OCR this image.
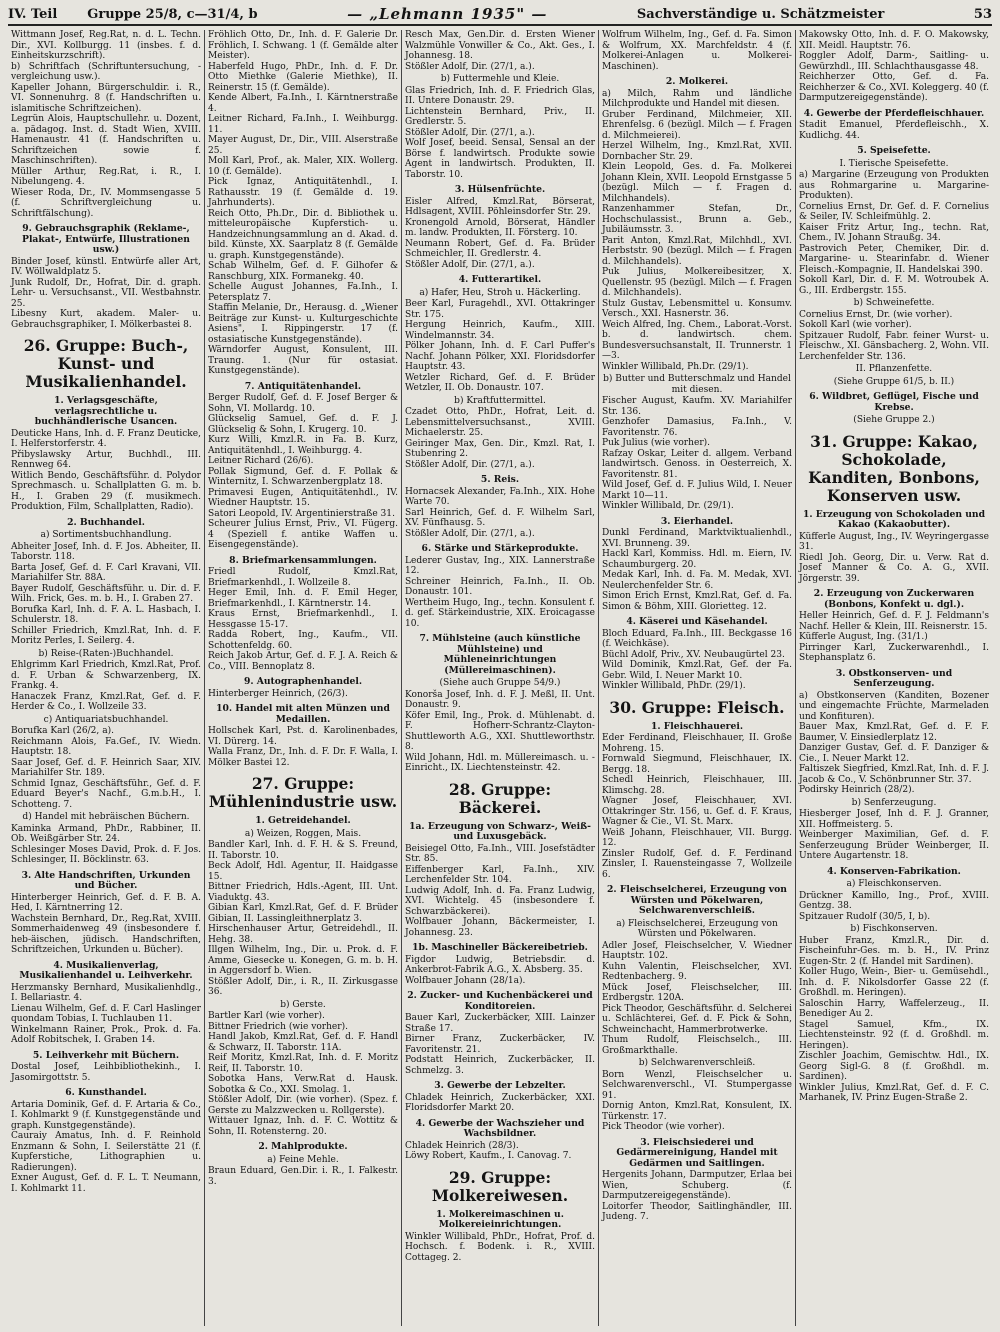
IV. Teil Gruppe 25/8, c—31/4, b	— „Lehmann 1935" —	Sachverständige u. Schätzmeister	53

Wittmann Josef, Reg.Rat, n. d. L. Techn. Dir., XVI. Kollburgg. 11 (insbes. f. d. Einheitskurzschrift).

b) Schriftfach (Schriftuntersuchung, -vergleichung usw.).

Kapeller Johann, Bürgerschuldir. i. R., VI. Sonnenuhrg. 8 (f. Handschriften u. islamitische Schriftzeichen).

Legrün Alois, Hauptschullehr. u. Dozent, a. pädagog. Inst. d. Stadt Wien, XVIII. Hamenaustr. 41 (f. Handschriften u. Schriftzeichen sowie f. Maschinschriften).

Müller Arthur, Reg.Rat, i. R., I. Nibelungeng. 4.

Wieser Roda, Dr., IV. Mommsengasse 5 (f. Schriftvergleichung u. Schriftfälschung).

9. Gebrauchsgraphik (Reklame-, Plakat-, Entwürfe, Illustrationen usw.)

Binder Josef, künstl. Entwürfe aller Art, IV. Wöllwaldplatz 5.

Junk Rudolf, Dr., Hofrat, Dir. d. graph. Lehr- u. Versuchsanst., VII. Westbahnstr. 25.

Libesny Kurt, akadem. Maler- u. Gebrauchsgraphiker, I. Mölkerbastei 8.

26. Gruppe: Buch-, Kunst- und Musikalienhandel.
1. Verlagsgeschäfte, verlagsrechtliche u. buchhändlerische Usancen.

Deuticke Hans, Inh. d. F. Franz Deuticke, I. Helferstorferstr. 4.

Přibyslawsky Artur, Buchhdl., III. Rennweg 64.

Witlich Bendo, Geschäftsführ. d. Polydor Sprechmasch. u. Schallplatten G. m. b. H., I. Graben 29 (f. musikmech. Produktion, Film, Schallplatten, Radio).

2. Buchhandel.
a) Sortimentsbuchhandlung.

Abheiter Josef, Inh. d. F. Jos. Abheiter, II. Taborstr. 118.

Barta Josef, Gef. d. F. Carl Kravani, VII. Mariahilfer Str. 88A.

Bayer Rudolf, Geschäftsführ. u. Dir. d. F. Wilh. Frick, Ges. m. b. H., I. Graben 27.

Borufka Karl, Inh. d. F. A. L. Hasbach, I. Schulerstr. 18.

Schiller Friedrich, Kmzl.Rat, Inh. d. F. Moritz Perles, I. Seilerg. 4.

b) Reise-(Raten-)Buchhandel.

Ehlgrimm Karl Friedrich, Kmzl.Rat, Prof. d. F. Urban & Schwarzenberg, IX. Frankg. 4.

Hanaczek Franz, Kmzl.Rat, Gef. d. F. Herder & Co., I. Wollzeile 33.

c) Antiquariatsbuchhandel.

Borufka Karl (26/2, a).

Reichmann Alois, Fa.Gef., IV. Wiedn. Hauptstr. 18.

Saar Josef, Gef. d. F. Heinrich Saar, XIV. Mariahilfer Str. 189.

Schmid Ignaz, Geschäftsführ., Gef. d. F. Eduard Beyer's Nachf., G.m.b.H., I. Schotteng. 7.

d) Handel mit hebräischen Büchern.

Kaminka Armand, PhDr., Rabbiner, II. Ob. Weißgärber Str. 24.

Schlesinger Moses David, Prok. d. F. Jos. Schlesinger, II. Böcklinstr. 63.

3. Alte Handschriften, Urkunden und Bücher.

Hinterberger Heinrich, Gef. d. F. B. A. Hed, I. Kärntnerring 12.

Wachstein Bernhard, Dr., Reg.Rat, XVIII. Sommerhaidenweg 49 (insbesondere f. heb-äischen, jüdisch. Handschriften, Schriftzeichen, Urkunden u. Bücher).

4. Musikalienverlag, Musikalienhandel u. Leihverkehr.

Herzmansky Bernhard, Musikalienhdlg., I. Bellariastr. 4.

Lienau Wilhelm, Gef. d. F. Carl Haslinger quondam Tobias, I. Tuchlauben 11.

Winkelmann Rainer, Prok., Prok. d. Fa. Adolf Robitschek, I. Graben 14.

5. Leihverkehr mit Büchern.

Dostal Josef, Leihbibliothekinh., I. Jasomirgottstr. 5.

6. Kunsthandel.

Artaria Dominik, Gef. d. F. Artaria & Co., I. Kohlmarkt 9 (f. Kunstgegenstände und graph. Kunstgegenstände).

Cauraiy Amatus, Inh. d. F. Reinhold Enzmann & Sohn, I. Seilerstätte 21 (f. Kupferstiche, Lithographien u. Radierungen).

Exner August, Gef. d. F. L. T. Neumann, I. Kohlmarkt 11.

Fröhlich Otto, Dr., Inh. d. F. Galerie Dr. Fröhlich, I. Schwang. 1 (f. Gemälde alter Meister).

Haberfeld Hugo, PhDr., Inh. d. F. Dr. Otto Miethke (Galerie Miethke), II. Reinerstr. 15 (f. Gemälde).

Kende Albert, Fa.Inh., I. Kärntnerstraße 4.

Leitner Richard, Fa.Inh., I. Weihburgg. 11.

Mayer August, Dr., Dir., VIII. Alserstraße 25.

Moll Karl, Prof., ak. Maler, XIX. Wollerg. 10 (f. Gemälde).

Pick Ignaz, Antiquitätenhdl., I. Rathausstr. 19 (f. Gemälde d. 19. Jahrhunderts).

Reich Otto, Ph.Dr., Dir. d. Bibliothek u. mitteleuropäische Kupferstich- u. Handzeichnungsammlung an d. Akad. d. bild. Künste, XX. Saarplatz 8 (f. Gemälde u. graph. Kunstgegenstände).

Schab Wilhelm, Gef. d. F. Gilhofer & Ranschburg, XIX. Formanekg. 40.

Schelle August Johannes, Fa.Inh., I. Petersplatz 7.

Staffin Melanie, Dr., Herausg. d. „Wiener Beiträge zur Kunst- u. Kulturgeschichte Asiens", I. Rippingerstr. 17 (f. ostasiatische Kunstgegenstände).

Wärndorfer August, Konsulent, III. Traung. 1. (Nur für ostasiat. Kunstgegenstände).

7. Antiquitätenhandel.

Berger Rudolf, Gef. d. F. Josef Berger & Sohn, VI. Mollardg. 10.

Glückselig Samuel, Gef. d. F. J. Glückselig & Sohn, I. Krugerg. 10.

Kurz Willi, Kmzl.R. in Fa. B. Kurz, Antiquitätenhdl., I. Weihburgg. 4.

Leitner Richard (26/6).

Pollak Sigmund, Gef. d. F. Pollak & Winternitz, I. Schwarzenbergplatz 18.

Primavesi Eugen, Antiquitätenhdl., IV. Wiedner Hauptstr. 15.

Satori Leopold, IV. Argentinierstraße 31.

Scheurer Julius Ernst, Priv., VI. Fügerg. 4 (Speziell f. antike Waffen u. Eisengegenstände).

8. Briefmarkensammlungen.

Friedl Rudolf, Kmzl.Rat, Briefmarkenhdl., I. Wollzeile 8.

Heger Emil, Inh. d. F. Emil Heger, Briefmarkenhdl., I. Kärntnerstr. 14.

Kraus Ernst, Briefmarkenhdl., I. Hessgasse 15-17.

Radda Robert, Ing., Kaufm., VII. Schottenfeldg. 60.

Reich Jakob Artur, Gef. d. F. J. A. Reich & Co., VIII. Bennoplatz 8.

9. Autographenhandel.

Hinterberger Heinrich, (26/3).

10. Handel mit alten Münzen und Medaillen.

Hollschek Karl, Pst. d. Karolinenbades, VI. Dürerg. 14.

Walla Franz, Dr., Inh. d. F. Dr. F. Walla, I. Mölker Bastei 12.

27. Gruppe: Mühlenindustrie usw.
1. Getreidehandel.
a) Weizen, Roggen, Mais.

Bandler Karl, Inh. d. F. H. & S. Freund, II. Taborstr. 10.

Beck Adolf, Hdl. Agentur, II. Haidgasse 15.

Bittner Friedrich, Hdls.-Agent, III. Unt. Viaduktg. 43.

Gibian Karl, Kmzl.Rat, Gef. d. F. Brüder Gibian, II. Lassingleithnerplatz 3.

Hirschenhauser Artur, Getreidehdl., II. Hehg. 38.

Illgen Wilhelm, Ing., Dir. u. Prok. d. F. Amme, Giesecke u. Konegen, G. m. b. H. in Aggersdorf b. Wien.

Stößler Adolf, Dir., i. R., II. Zirkusgasse 36.

b) Gerste.

Bartler Karl (wie vorher).

Bittner Friedrich (wie vorher).

Handl Jakob, Kmzl.Rat, Gef. d. F. Handl & Schwarz, II. Taborstr. 11A.

Reif Moritz, Kmzl.Rat, Inh. d. F. Moritz Reif, II. Taborstr. 10.

Sobotka Hans, Verw.Rat d. Hausk. Sobotka & Co., XXI. Smolag. 1.

Stößler Adolf, Dir. (wie vorher). (Spez. f. Gerste zu Malzzwecken u. Rollgerste).

Wittauer Ignaz, Inh. d. F. C. Wottitz & Sohn, II. Rotensterng. 20.

2. Mahlprodukte.
a) Feine Mehle.

Braun Eduard, Gen.Dir. i. R., I. Falkestr. 3.

Resch Max, Gen.Dir. d. Ersten Wiener Walzmühle Vonwiller & Co., Akt. Ges., I. Johannesg. 18.

Stößler Adolf, Dir. (27/1, a.).

b) Futtermehle und Kleie.

Glas Friedrich, Inh. d. F. Friedrich Glas, II. Untere Donaustr. 29.

Lichtenstein Bernhard, Priv., II. Gredlerstr. 5.

Stößler Adolf, Dir. (27/1, a.).

Wolf Josef, beeid. Sensal, Sensal an der Börse f. landwirtsch. Produkte sowie Agent in landwirtsch. Produkten, II. Taborstr. 10.

3. Hülsenfrüchte.

Eisler Alfred, Kmzl.Rat, Börserat, Hdlsagent, XVIII. Pöhleinsdorfer Str. 29.

Kronengold Arnold, Börserat, Händler m. landw. Produkten, II. Försterg. 10.

Neumann Robert, Gef. d. Fa. Brüder Schmeichler, II. Gredlerstr. 4.

Stößler Adolf, Dir. (27/1, a.).

4. Futterartikel.
a) Hafer, Heu, Stroh u. Häckerling.

Beer Karl, Furagehdl., XVI. Ottakringer Str. 175.

Hergung Heinrich, Kaufm., XIII. Windelmannstr. 34.

Pölker Johann, Inh. d. F. Carl Puffer's Nachf. Johann Pölker, XXI. Floridsdorfer Hauptstr. 43.

Wetzler Richard, Gef. d. F. Brüder Wetzler, II. Ob. Donaustr. 107.

b) Kraftfuttermittel.

Czadet Otto, PhDr., Hofrat, Leit. d. Lebensmittelversuchsanst., XVIII. Michaelerstr. 25.

Geiringer Max, Gen. Dir., Kmzl. Rat, I. Stubenring 2.

Stößler Adolf, Dir. (27/1, a.).

5. Reis.

Hornacsek Alexander, Fa.Inh., XIX. Hohe Warte 70.

Sarl Heinrich, Gef. d. F. Wilhelm Sarl, XV. Fünfhausg. 5.

Stößler Adolf, Dir. (27/1, a.).

6. Stärke und Stärkeprodukte.

Lederer Gustav, Ing., XIX. Lannerstraße 12.

Schreiner Heinrich, Fa.Inh., II. Ob. Donaustr. 101.

Wertheim Hugo, Ing., techn. Konsulent f. d. gef. Stärkeindustrie, XIX. Eroicagasse 10.

7. Mühlsteine (auch künstliche Mühlsteine) und Mühleneinrichtungen (Müllereimaschinen).
(Siehe auch Gruppe 54/9.)

Konorša Josef, Inh. d. F. J. Meßl, II. Unt. Donaustr. 9.

Köfer Emil, Ing., Prok. d. Mühlenabt. d. F. Hofherr-Schrantz-Clayton-Shuttleworth A.G., XXI. Shuttleworthstr. 8.

Wild Johann, Hdl. m. Müllereimasch. u. -Einricht., IX. Liechtensteinstr. 42.

28. Gruppe: Bäckerei.
1a. Erzeugung von Schwarz-, Weiß- und Luxusgebäck.

Beisiegel Otto, Fa.Inh., VIII. Josefstädter Str. 85.

Eiffenberger Karl, Fa.Inh., XIV. Lerchenfelder Str. 104.

Ludwig Adolf, Inh. d. Fa. Franz Ludwig, XVI. Wichtelg. 45 (insbesondere f. Schwarzbäckerei).

Wolfbauer Johann, Bäckermeister, I. Johannesg. 23.

1b. Maschineller Bäckereibetrieb.

Figdor Ludwig, Betriebsdir. d. Ankerbrot-Fabrik A.G., X. Absberg. 35.

Wolfbauer Johann (28/1a).

2. Zucker- und Kuchenbäckerei und Konditoreien.

Bauer Karl, Zuckerbäcker, XIII. Lainzer Straße 17.

Birner Franz, Zuckerbäcker, IV. Favoritenstr. 21.

Podstatt Heinrich, Zuckerbäcker, II. Schmelzg. 3.

3. Gewerbe der Lebzelter.

Chladek Heinrich, Zuckerbäcker, XXI. Floridsdorfer Markt 20.

4. Gewerbe der Wachszieher und Wachsbildner.

Chladek Heinrich (28/3).

Löwy Robert, Kaufm., I. Canovag. 7.

29. Gruppe: Molkereiwesen.
1. Molkereimaschinen u. Molkereieinrichtungen.

Winkler Willibald, PhDr., Hofrat, Prof. d. Hochsch. f. Bodenk. i. R., XVIII. Cottageg. 2.

Wolfrum Wilhelm, Ing., Gef. d. Fa. Simon & Wolfrum, XX. Marchfeldstr. 4 (f. Molkerei-Anlagen u. Molkerei-Maschinen).

2. Molkerei.

a) Milch, Rahm und ländliche Milchprodukte und Handel mit diesen.

Gruber Ferdinand, Milchmeier, XII. Ehrenfelsg. 6 (bezügl. Milch — f. Fragen d. Milchmeierei).

Herzel Wilhelm, Ing., Kmzl.Rat, XVII. Dornbacher Str. 29.

Klein Leopold, Ges. d. Fa. Molkerei Johann Klein, XVII. Leopold Ernstgasse 5 (bezügl. Milch — f. Fragen d. Milchhandels).

Ranzenhammer Stefan, Dr., Hochschulassist., Brunn a. Geb., Jubiläumsstr. 3.

Parit Anton, Kmzl.Rat, Milchhdl., XVI. Herbststr. 90 (bezügl. Milch — f. Fragen d. Milchhandels).

Puk Julius, Molkereibesitzer, X. Quellenstr. 95 (bezügl. Milch — f. Fragen d. Milchhandels).

Stulz Gustav, Lebensmittel u. Konsumv. Versch., XXI. Hasnerstr. 36.

Weich Alfred, Ing. Chem., Laborat.-Vorst. b. d. landwirtsch. chem. Bundesversuchsanstalt, II. Trunnerstr. 1—3.

Winkler Willibald, Ph.Dr. (29/1).

b) Butter und Butterschmalz und Handel mit diesen.

Fischer August, Kaufm. XV. Mariahilfer Str. 136.

Genzhofer Damasius, Fa.Inh., V. Favoritenstr. 76.

Puk Julius (wie vorher).

Rafzay Oskar, Leiter d. allgem. Verband landwirtsch. Genoss. in Oesterreich, X. Favoritenstr. 81.

Wild Josef, Gef. d. F. Julius Wild, I. Neuer Markt 10—11.

Winkler Willibald, Dr. (29/1).

3. Eierhandel.

Dunkl Ferdinand, Marktviktualienhdl., XVI. Brunneng. 39.

Hackl Karl, Kommiss. Hdl. m. Eiern, IV. Schaumburgerg. 20.

Medak Karl, Inh. d. Fa. M. Medak, XVI. Neulerchenfelder Str. 6.

Simon Erich Ernst, Kmzl.Rat, Gef. d. Fa. Simon & Böhm, XIII. Glorietteg. 12.

4. Käserei und Käsehandel.

Bloch Eduard, Fa.Inh., III. Beckgasse 16 (f. Weichkäse).

Büchl Adolf, Priv., XV. Neubaugürtel 23.

Wild Dominik, Kmzl.Rat, Gef. der Fa. Gebr. Wild, I. Neuer Markt 10.

Winkler Willibald, PhDr. (29/1).

30. Gruppe: Fleisch.
1. Fleischhauerei.

Eder Ferdinand, Fleischhauer, II. Große Mohreng. 15.

Fornwald Siegmund, Fleischhauer, IX. Bergg. 18.

Schedl Heinrich, Fleischhauer, III. Klimschg. 28.

Wagner Josef, Fleischhauer, XVI. Ottakringer Str. 156, u. Gef. d. F. Kraus, Wagner & Cie., VI. St. Marx.

Weiß Johann, Fleischhauer, VII. Burgg. 12.

Zinsler Rudolf, Gef. d. F. Ferdinand Zinsler, I. Rauensteingasse 7, Wollzeile 6.

2. Fleischselcherei, Erzeugung von Würsten und Pökelwaren, Selchwarenverschleiß.
a) Fleischselcherei, Erzeugung von Würsten und Pökelwaren.

Adler Josef, Fleischselcher, V. Wiedner Hauptstr. 102.

Kuhn Valentin, Fleischselcher, XVI. Redtenbacherg. 9.

Mück Josef, Fleischselcher, III. Erdbergstr. 120A.

Pick Theodor, Geschäftsführ. d. Selcherei u. Schlächterei, Gef. d. F. Pick & Sohn, Schweinchacht, Hammerbrotwerke.

Thum Rudolf, Fleischselch., III. Großmarkthalle.

b) Selchwarenverschleiß.

Born Wenzl, Fleischselcher u. Selchwarenverschl., VI. Stumpergasse 91.

Dornig Anton, Kmzl.Rat, Konsulent, IX. Türkenstr. 17.

Pick Theodor (wie vorher).

3. Fleischsiederei und Gedärmereinigung, Handel mit Gedärmen und Saitlingen.

Hergenits Johann, Darmputzer, Erlaa bei Wien, Schuberg. (f. Darmputzereigegenstände).

Loitorfer Theodor, Saitlinghändler, III. Judeng. 7.

Makowsky Otto, Inh. d. F. O. Makowsky, XII. Meidl. Hauptstr. 76.

Roggler Adolf, Darm-, Saitling- u. Gewürzhdl., III. Schlachthausgasse 48.

Reichherzer Otto, Gef. d. Fa. Reichherzer & Co., XVI. Koleggerg. 40 (f. Darmputzereigegenstände).

4. Gewerbe der Pferdefleischhauer.

Stadit Emanuel, Pferdefleischh., X. Kudlichg. 44.

5. Speisefette.
I. Tierische Speisefette.

a) Margarine (Erzeugung von Produkten aus Rohmargarine u. Margarine-Produkten).

Cornelius Ernst, Dr. Gef. d. F. Cornelius & Seiler, IV. Schleifmühlg. 2.

Kaiser Fritz Artur, Ing., techn. Rat, Chem., IV. Johann Straußg. 34.

Pastrovich Peter, Chemiker, Dir. d. Margarine- u. Stearinfabr. d. Wiener Fleisch.-Kompagnie, II. Handelskai 390.

Sokoll Karl, Dir. d. F. M. Wotroubek A. G., III. Erdbergstr. 155.

b) Schweinefette.

Cornelius Ernst, Dr. (wie vorher).

Sokoll Karl (wie vorher).

Spitzauer Rudolf, Fabr. feiner Wurst- u. Fleischw., XI. Gänsbacherg. 2, Wohn. VII. Lerchenfelder Str. 136.

II. Pflanzenfette.
(Siehe Gruppe 61/5, b. II.)
6. Wildbret, Geflügel, Fische und Krebse.
(Siehe Gruppe 2.)
31. Gruppe: Kakao, Schokolade, Kanditen, Bonbons, Konserven usw.
1. Erzeugung von Schokoladen und Kakao (Kakaobutter).

Küfferle August, Ing., IV. Weyringergasse 31.

Riedl Joh. Georg, Dir. u. Verw. Rat d. Josef Manner & Co. A. G., XVII. Jörgerstr. 39.

2. Erzeugung von Zuckerwaren (Bonbons, Konfekt u. dgl.).

Heller Heinrich, Gef. d. F. J. Feldmann's Nachf. Heller & Klein, III. Reisnerstr. 15.

Küfferle August, Ing. (31/1.)

Pirringer Karl, Zuckerwarenhdl., I. Stephansplatz 6.

3. Obstkonserven- und Senferzeugung.

a) Obstkonserven (Kanditen, Bozener und eingemachte Früchte, Marmeladen und Konfituren).

Bauer Max, Kmzl.Rat, Gef. d. F. F. Baumer, V. Einsiedlerplatz 12.

Danziger Gustav, Gef. d. F. Danziger & Cie., I. Neuer Markt 12.

Faltiszek Siegfried, Kmzl.Rat, Inh. d. F. J. Jacob & Co., V. Schönbrunner Str. 37.

Podirsky Heinrich (28/2).

b) Senferzeugung.

Hiesberger Josef, Inh d. F. J. Granner, XII. Hoffmeisterg. 5.

Weinberger Maximilian, Gef. d. F. Senferzeugung Brüder Weinberger, II. Untere Augartenstr. 18.

4. Konserven-Fabrikation.
a) Fleischkonserven.

Drückner Kamillo, Ing., Prof., XVIII. Gentzg. 38.

Spitzauer Rudolf (30/5, I, b).

b) Fischkonserven.

Huber Franz, Kmzl.R., Dir. d. Fischeinfuhr-Ges. m. b. H., IV. Prinz Eugen-Str. 2 (f. Handel mit Sardinen).

Koller Hugo, Wein-, Bier- u. Gemüsehdl., Inh. d. F. Nikolsdorfer Gasse 22 (f. Großhdl. m. Heringen).

Saloschin Harry, Waffelerzeug., II. Benediger Au 2.

Stagel Samuel, Kfm., IX. Liechtensteinstr. 92 (f. d. Großhdl. m. Heringen).

Zischler Joachim, Gemischtw. Hdl., IX. Georg Sigl-G. 8 (f. Großhdl. m. Sardinen).

Winkler Julius, Kmzl.Rat, Gef. d. F. C. Marhanek, IV. Prinz Eugen-Straße 2.
